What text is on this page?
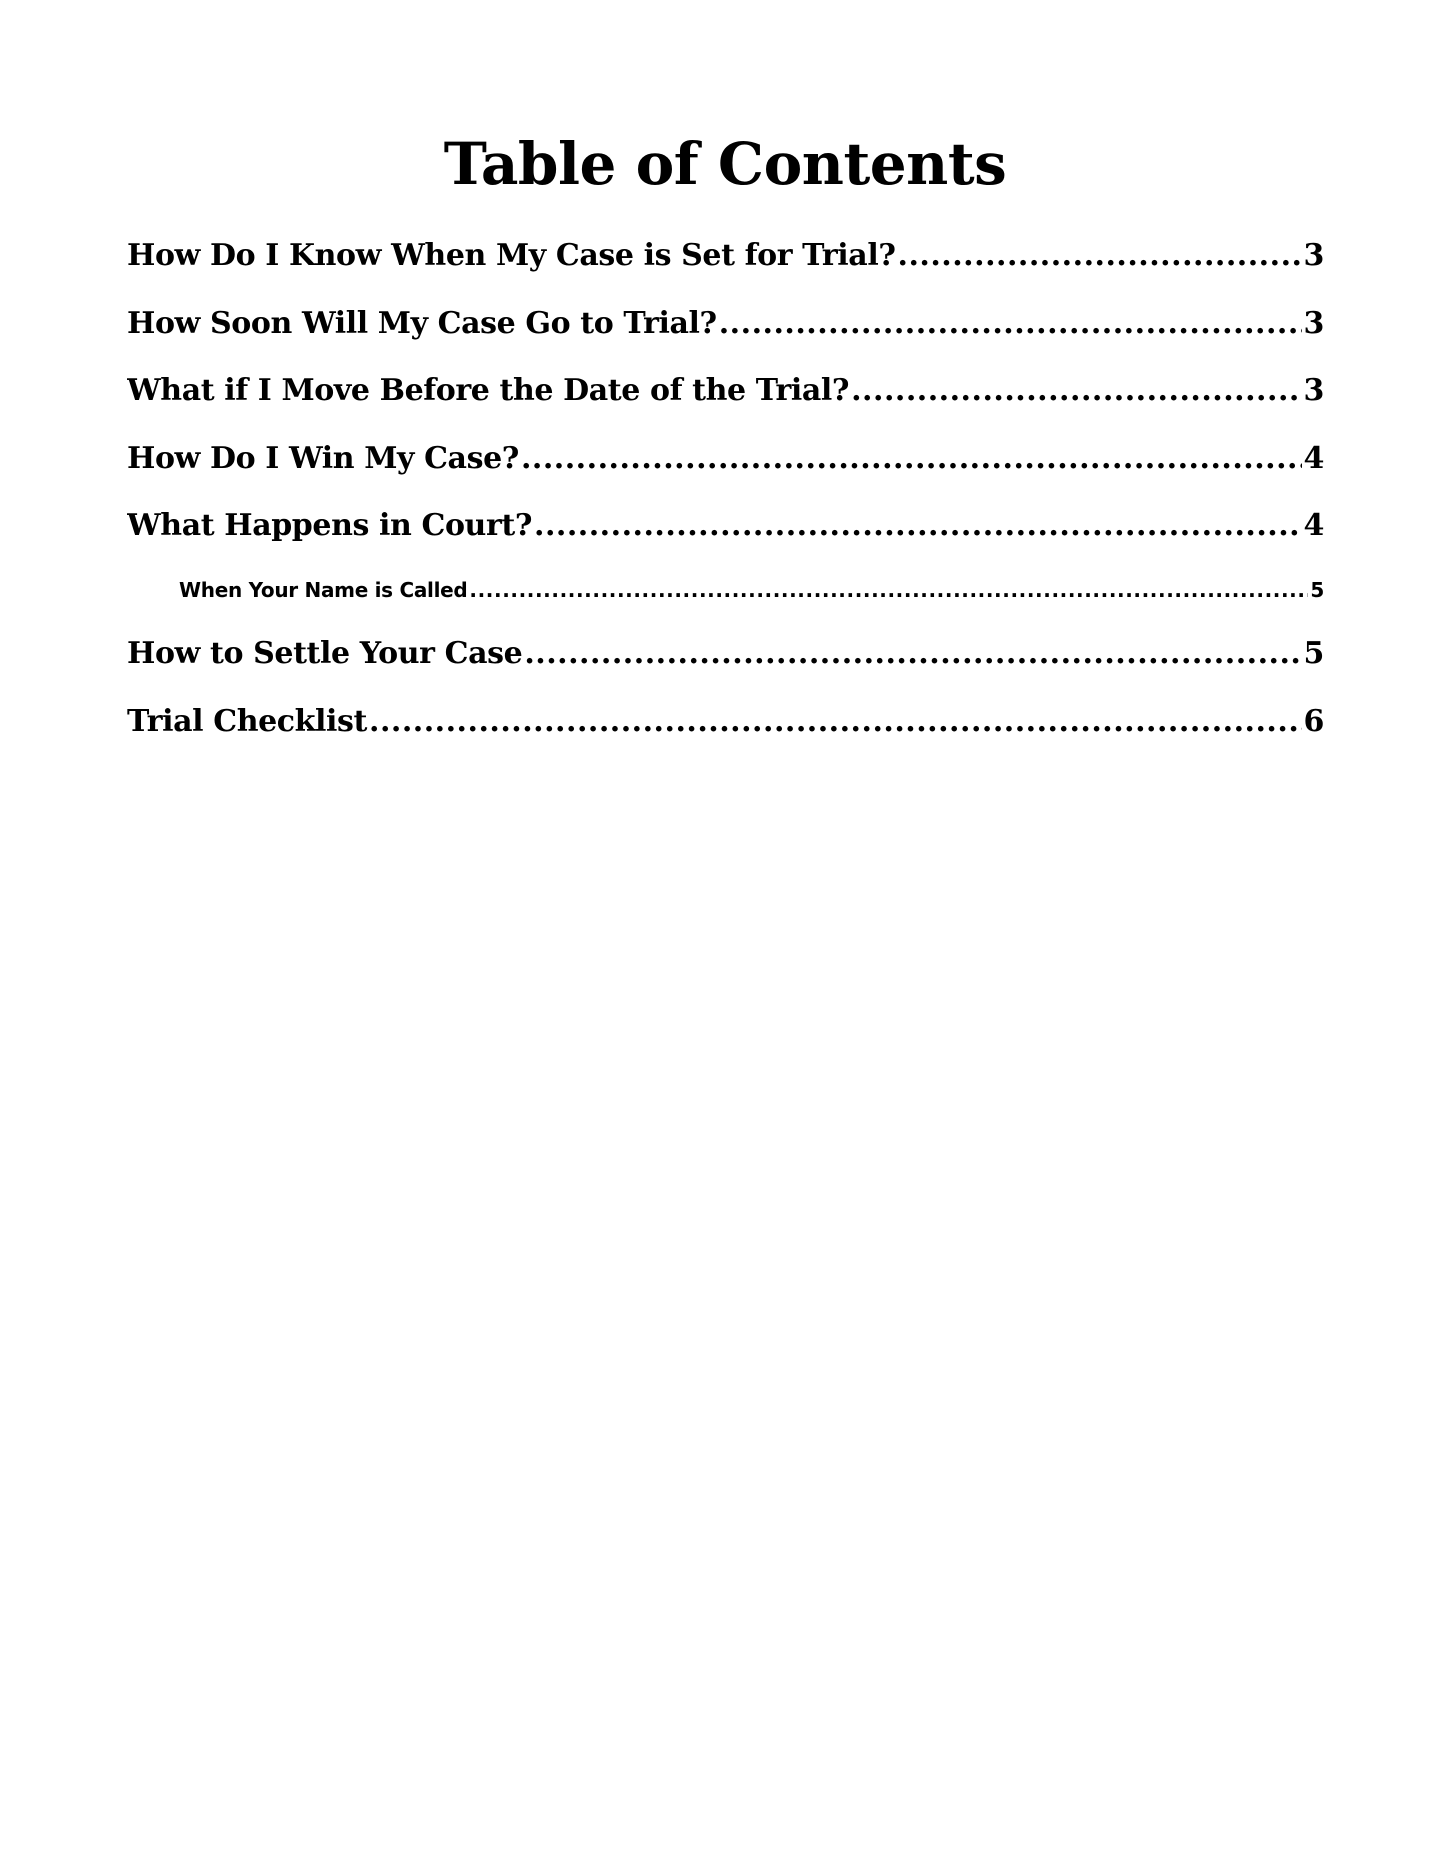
Table of Contents
How Do I Know When My Case is Set for Trial? .....	3
How Soon Will My Case Go to Trial? .....	3
What if I Move Before the Date of the Trial? .....	3
How Do I Win My Case? .....	4
What Happens in Court? .....	4
When Your Name is Called .....	5
How to Settle Your Case .....	5
Trial Checklist .....	6
